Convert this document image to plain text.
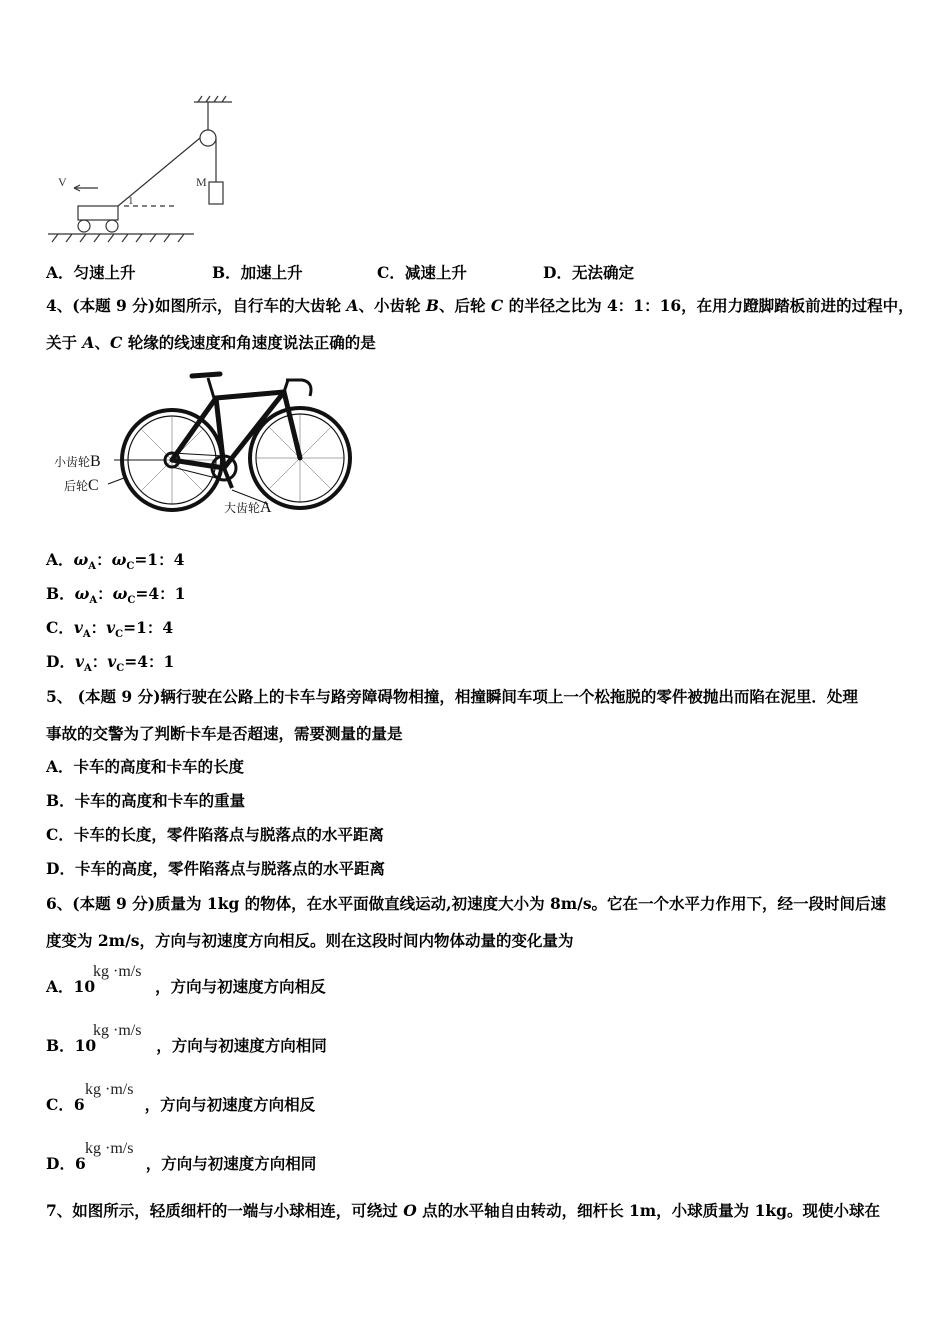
V	M
1
A．匀速上升	B．加速上升	C．减速上升	D．无法确定
4、(本题 9 分)如图所示，自行车的大齿轮 A、小齿轮 B、后轮 C 的半径之比为 4：1：16，在用力蹬脚踏板前进的过程中，
关于 A、C 轮缘的线速度和角速度说法正确的是
小齿轮B
后轮C
大齿轮A
A．$\omega_A$：$\omega_C=1$：4
B．$\omega_A$：$\omega_C=4$：1
C．$v_A$：$v_C=1$：4
D．$v_A$：$v_C=4$：1
5、 (本题 9 分)辆行驶在公路上的卡车与路旁障碍物相撞，相撞瞬间车项上一个松拖脱的零件被抛出而陷在泥里．处理
事故的交警为了判断卡车是否超速，需要测量的量是
A．卡车的高度和卡车的长度
B．卡车的高度和卡车的重量
C．卡车的长度，零件陷落点与脱落点的水平距离
D．卡车的高度，零件陷落点与脱落点的水平距离
6、(本题 9 分)质量为 1kg 的物体，在水平面做直线运动,初速度大小为 8m/s。它在一个水平力作用下，经一段时间后速
度变为 2m/s，方向与初速度方向相反。则在这段时间内物体动量的变化量为
A．10	，方向与初速度方向相反
kg ·m/s
B．10	，方向与初速度方向相同
kg ·m/s
C．6	，方向与初速度方向相反
kg ·m/s
D．6	，方向与初速度方向相同
kg ·m/s
7、如图所示，轻质细杆的一端与小球相连，可绕过 O 点的水平轴自由转动，细杆长 1m，小球质量为 1kg。现使小球在
